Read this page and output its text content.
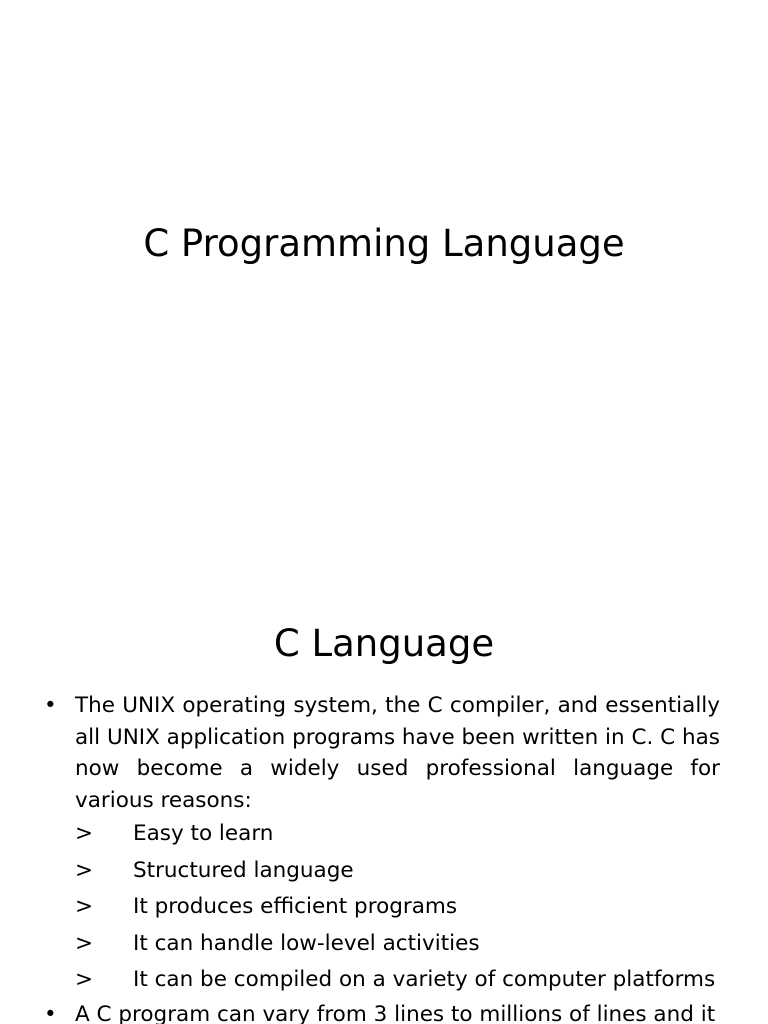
C Programming Language
C Language
• The UNIX operating system, the C compiler, and essentially all UNIX application programs have been written in C. C has now become a widely used professional language for various reasons:
> Easy to learn
> Structured language
> It produces efficient programs
> It can handle low-level activities
> It can be compiled on a variety of computer platforms
• A C program can vary from 3 lines to millions of lines and it
